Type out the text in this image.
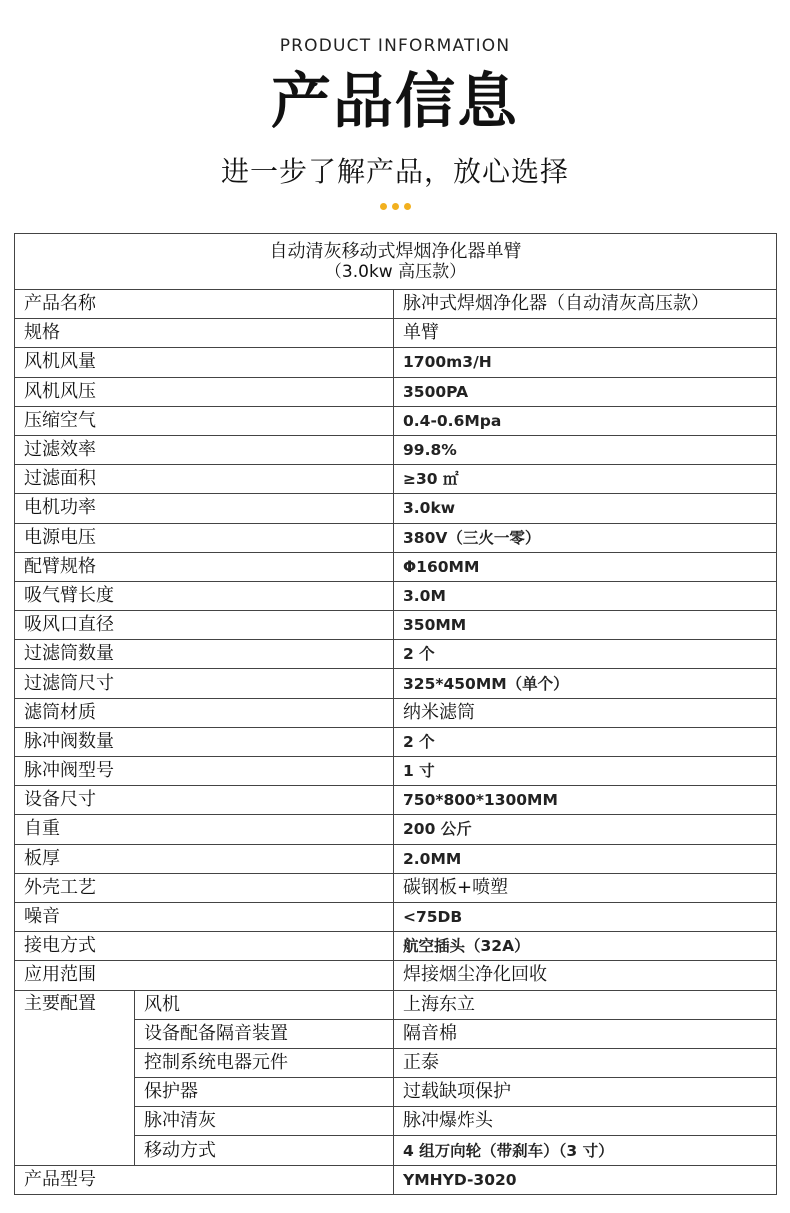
PRODUCT INFORMATION
产品信息
进一步了解产品，放心选择
自动清灰移动式焊烟净化器单臂
（3.0kw 高压款）		

产品名称		脉冲式焊烟净化器（自动清灰高压款）
规格		单臂
风机风量		1700m3/H
风机风压		3500PA
压缩空气		0.4-0.6Mpa
过滤效率		99.8%
过滤面积		≥30 ㎡
电机功率		3.0kw
电源电压		380V（三火一零）
配臂规格		Φ160MM
吸气臂长度		3.0M
吸风口直径		350MM
过滤筒数量		2 个
过滤筒尺寸		325*450MM（单个）
滤筒材质		纳米滤筒
脉冲阀数量		2 个
脉冲阀型号		1 寸
设备尺寸		750*800*1300MM
自重		200 公斤
板厚		2.0MM
外壳工艺		碳钢板+喷塑
噪音		<75DB
接电方式		航空插头（32A）
应用范围		焊接烟尘净化回收
主要配置	风机	上海东立
	设备配备隔音装置	隔音棉
	控制系统电器元件	正泰
	保护器	过载缺项保护
	脉冲清灰	脉冲爆炸头
	移动方式	4 组万向轮（带刹车）（3 寸）
产品型号		YMHYD-3020
